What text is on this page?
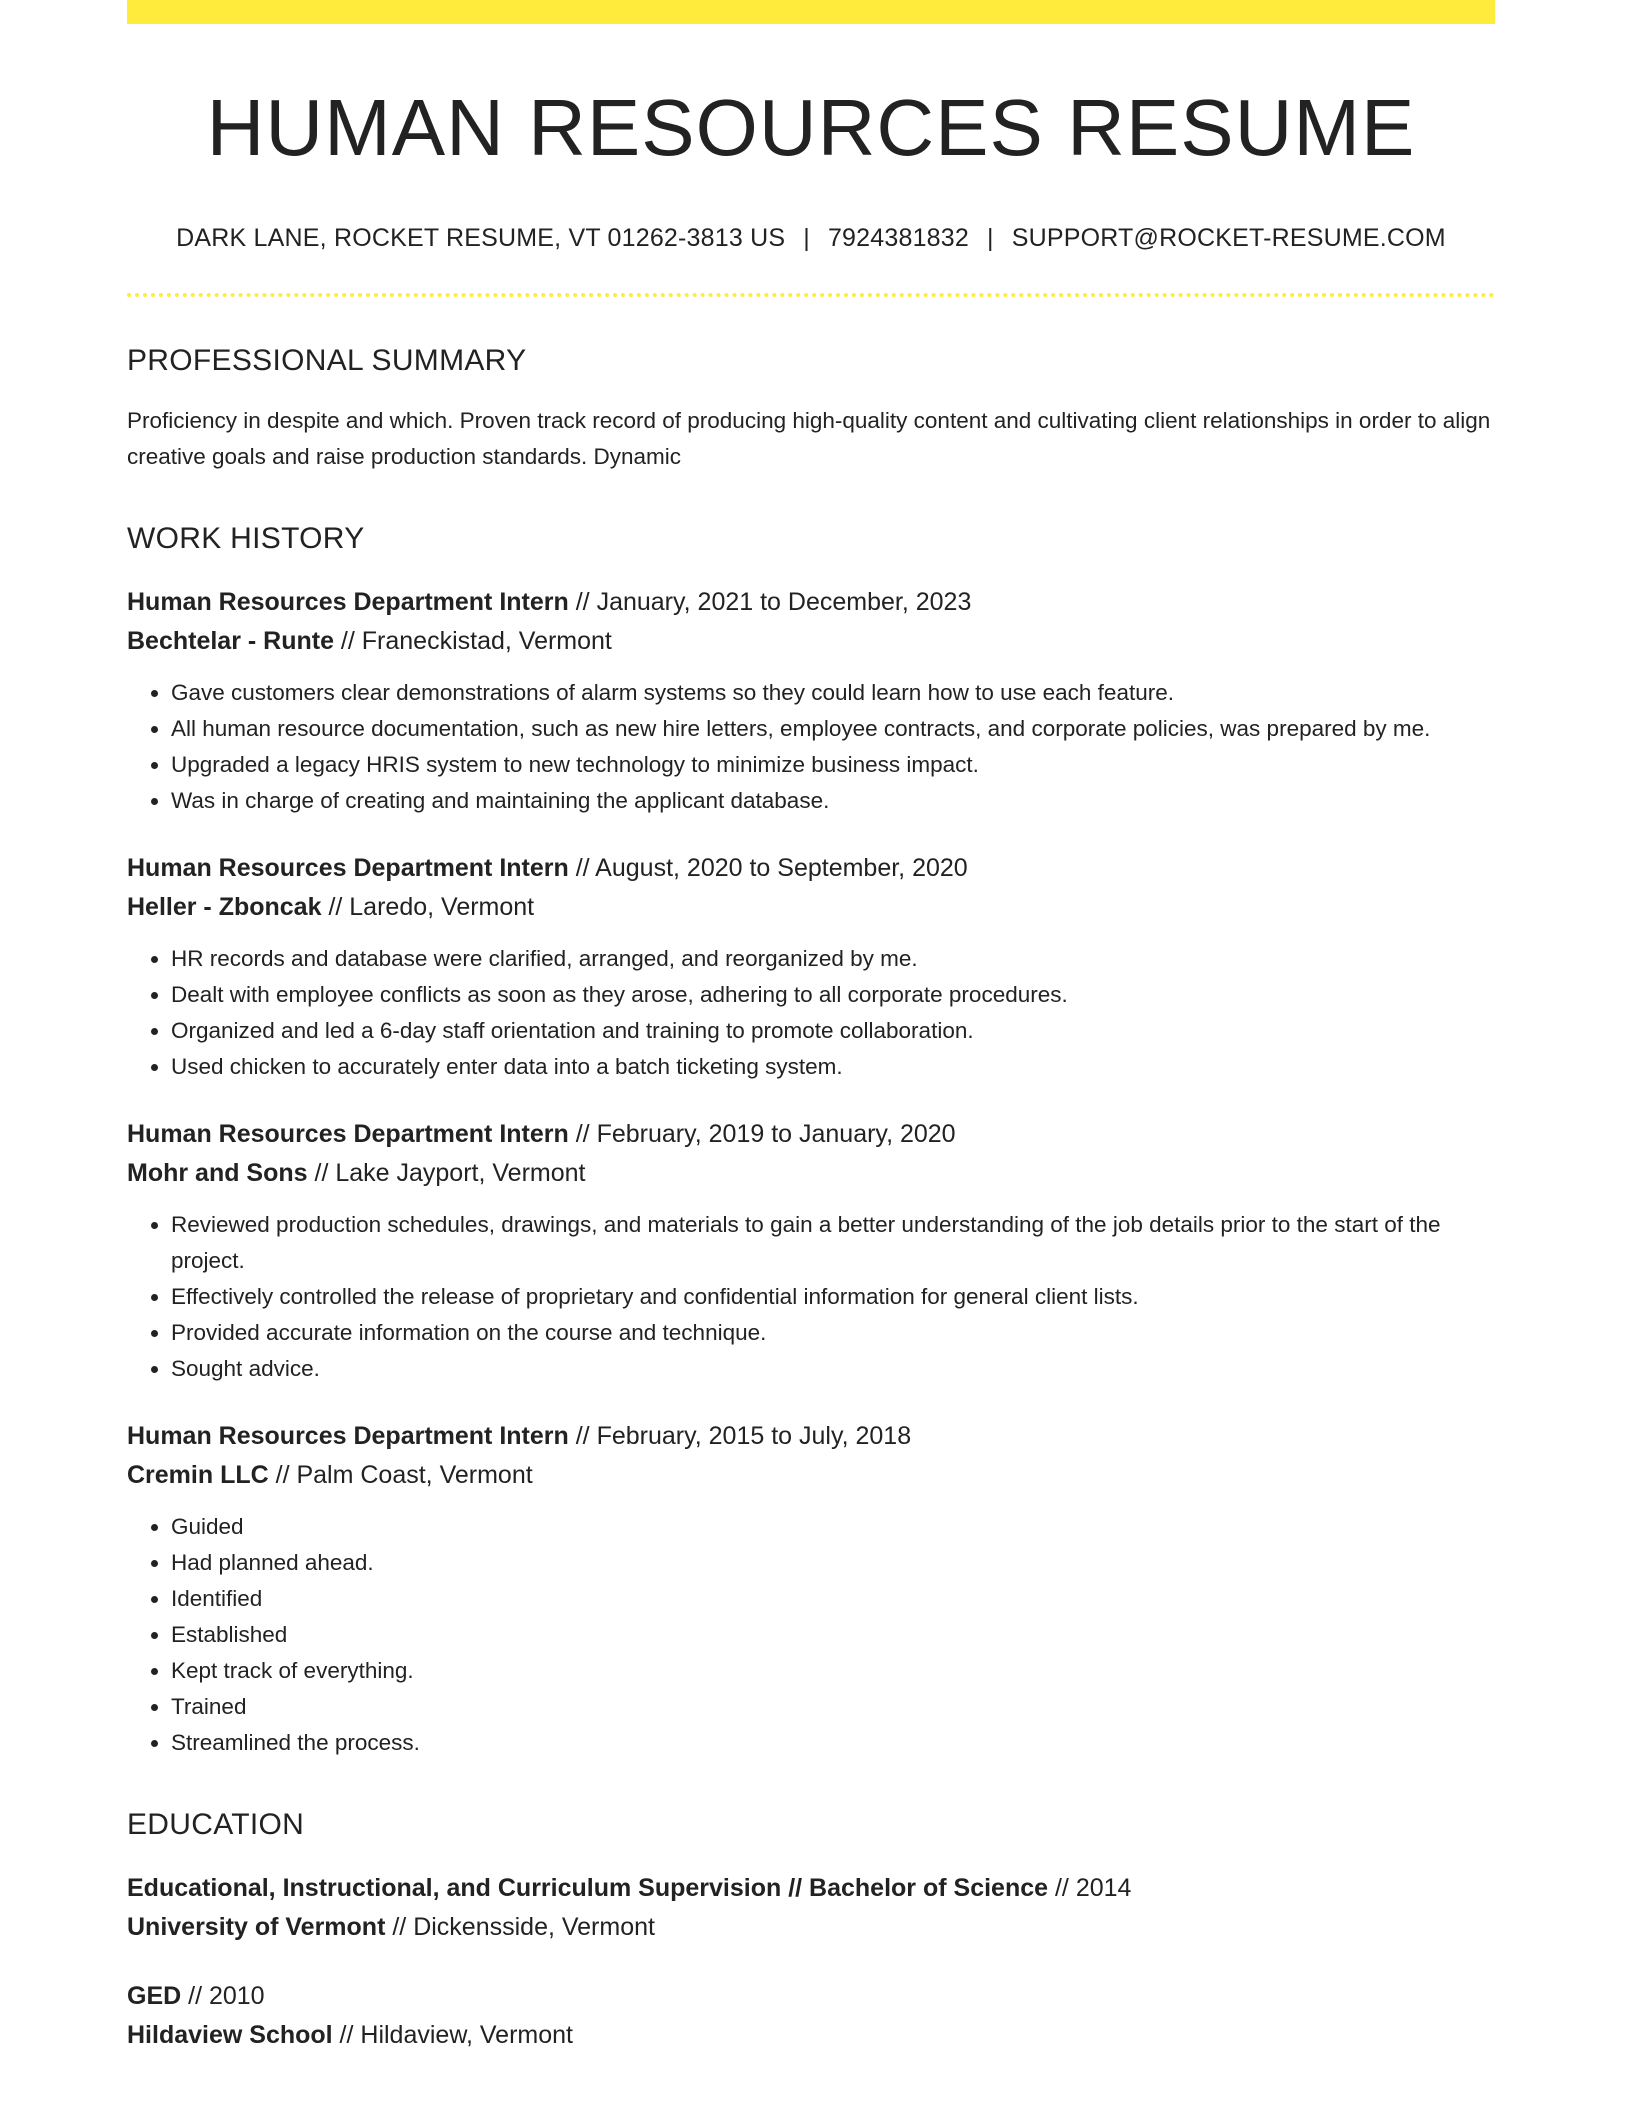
HUMAN RESOURCES RESUME
DARK LANE, ROCKET RESUME, VT 01262-3813 US | 7924381832 | SUPPORT@ROCKET-RESUME.COM
PROFESSIONAL SUMMARY

Proficiency in despite and which. Proven track record of producing high-quality content and cultivating client relationships in order to align creative goals and raise production standards. Dynamic

WORK HISTORY
Human Resources Department Intern // January, 2021 to December, 2023
Bechtelar - Runte // Franeckistad, Vermont
• Gave customers clear demonstrations of alarm systems so they could learn how to use each feature.
• All human resource documentation, such as new hire letters, employee contracts, and corporate policies, was prepared by me.
• Upgraded a legacy HRIS system to new technology to minimize business impact.
• Was in charge of creating and maintaining the applicant database.
Human Resources Department Intern // August, 2020 to September, 2020
Heller - Zboncak // Laredo, Vermont
• HR records and database were clarified, arranged, and reorganized by me.
• Dealt with employee conflicts as soon as they arose, adhering to all corporate procedures.
• Organized and led a 6-day staff orientation and training to promote collaboration.
• Used chicken to accurately enter data into a batch ticketing system.
Human Resources Department Intern // February, 2019 to January, 2020
Mohr and Sons // Lake Jayport, Vermont
• Reviewed production schedules, drawings, and materials to gain a better understanding of the job details prior to the start of the project.
• Effectively controlled the release of proprietary and confidential information for general client lists.
• Provided accurate information on the course and technique.
• Sought advice.
Human Resources Department Intern // February, 2015 to July, 2018
Cremin LLC // Palm Coast, Vermont
• Guided
• Had planned ahead.
• Identified
• Established
• Kept track of everything.
• Trained
• Streamlined the process.
EDUCATION
Educational, Instructional, and Curriculum Supervision // Bachelor of Science // 2014
University of Vermont // Dickensside, Vermont
GED // 2010
Hildaview School // Hildaview, Vermont
